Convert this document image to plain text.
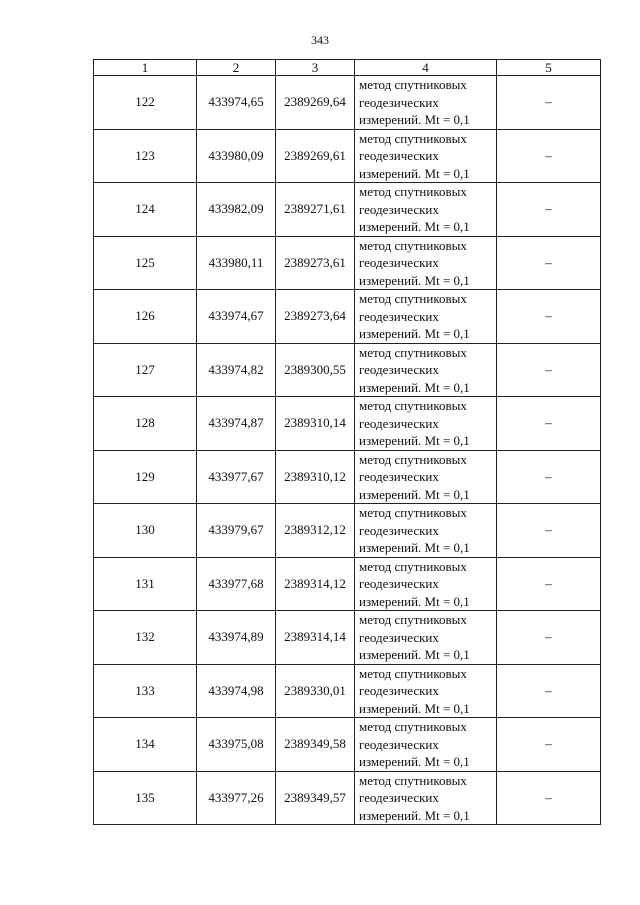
343
1	2	3	4	5
122	433974,65	2389269,64	метод спутниковых
геодезических
измерений. Mt = 0,1	–
123	433980,09	2389269,61	метод спутниковых
геодезических
измерений. Mt = 0,1	–
124	433982,09	2389271,61	метод спутниковых
геодезических
измерений. Mt = 0,1	–
125	433980,11	2389273,61	метод спутниковых
геодезических
измерений. Mt = 0,1	–
126	433974,67	2389273,64	метод спутниковых
геодезических
измерений. Mt = 0,1	–
127	433974,82	2389300,55	метод спутниковых
геодезических
измерений. Mt = 0,1	–
128	433974,87	2389310,14	метод спутниковых
геодезических
измерений. Mt = 0,1	–
129	433977,67	2389310,12	метод спутниковых
геодезических
измерений. Mt = 0,1	–
130	433979,67	2389312,12	метод спутниковых
геодезических
измерений. Mt = 0,1	–
131	433977,68	2389314,12	метод спутниковых
геодезических
измерений. Mt = 0,1	–
132	433974,89	2389314,14	метод спутниковых
геодезических
измерений. Mt = 0,1	–
133	433974,98	2389330,01	метод спутниковых
геодезических
измерений. Mt = 0,1	–
134	433975,08	2389349,58	метод спутниковых
геодезических
измерений. Mt = 0,1	–
135	433977,26	2389349,57	метод спутниковых
геодезических
измерений. Mt = 0,1	–
